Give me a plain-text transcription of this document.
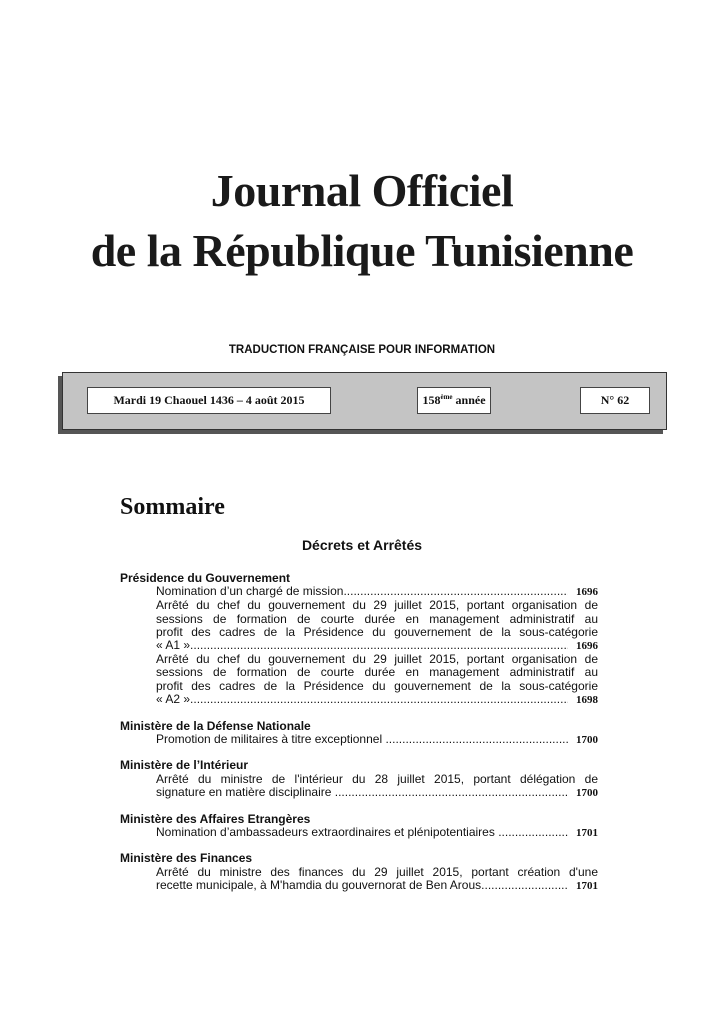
Journal Officiel
de la République Tunisienne
TRADUCTION FRANÇAISE POUR INFORMATION
Mardi 19 Chaouel 1436 – 4 août 2015	158ème année	N° 62
Sommaire
Décrets et Arrêtés
Présidence du Gouvernement
Nomination d’un chargé de mission .....	1696
Arrêté du chef du gouvernement du 29 juillet 2015, portant organisation de
sessions de formation de courte durée en management administratif au
profit des cadres de la Présidence du gouvernement de la sous-catégorie
« A1 » .....	1696
Arrêté du chef du gouvernement du 29 juillet 2015, portant organisation de
sessions de formation de courte durée en management administratif au
profit des cadres de la Présidence du gouvernement de la sous-catégorie
« A2 » .....	1698
Ministère de la Défense Nationale
Promotion de militaires à titre exceptionnel .....	1700
Ministère de l’Intérieur
Arrêté du ministre de l'intérieur du 28 juillet 2015, portant délégation de
signature en matière disciplinaire .....	1700
Ministère des Affaires Etrangères
Nomination d’ambassadeurs extraordinaires et plénipotentiaires .....	1701
Ministère des Finances
Arrêté du ministre des finances du 29 juillet 2015, portant création d'une
recette municipale, à M'hamdia du gouvernorat de Ben Arous .....	1701
